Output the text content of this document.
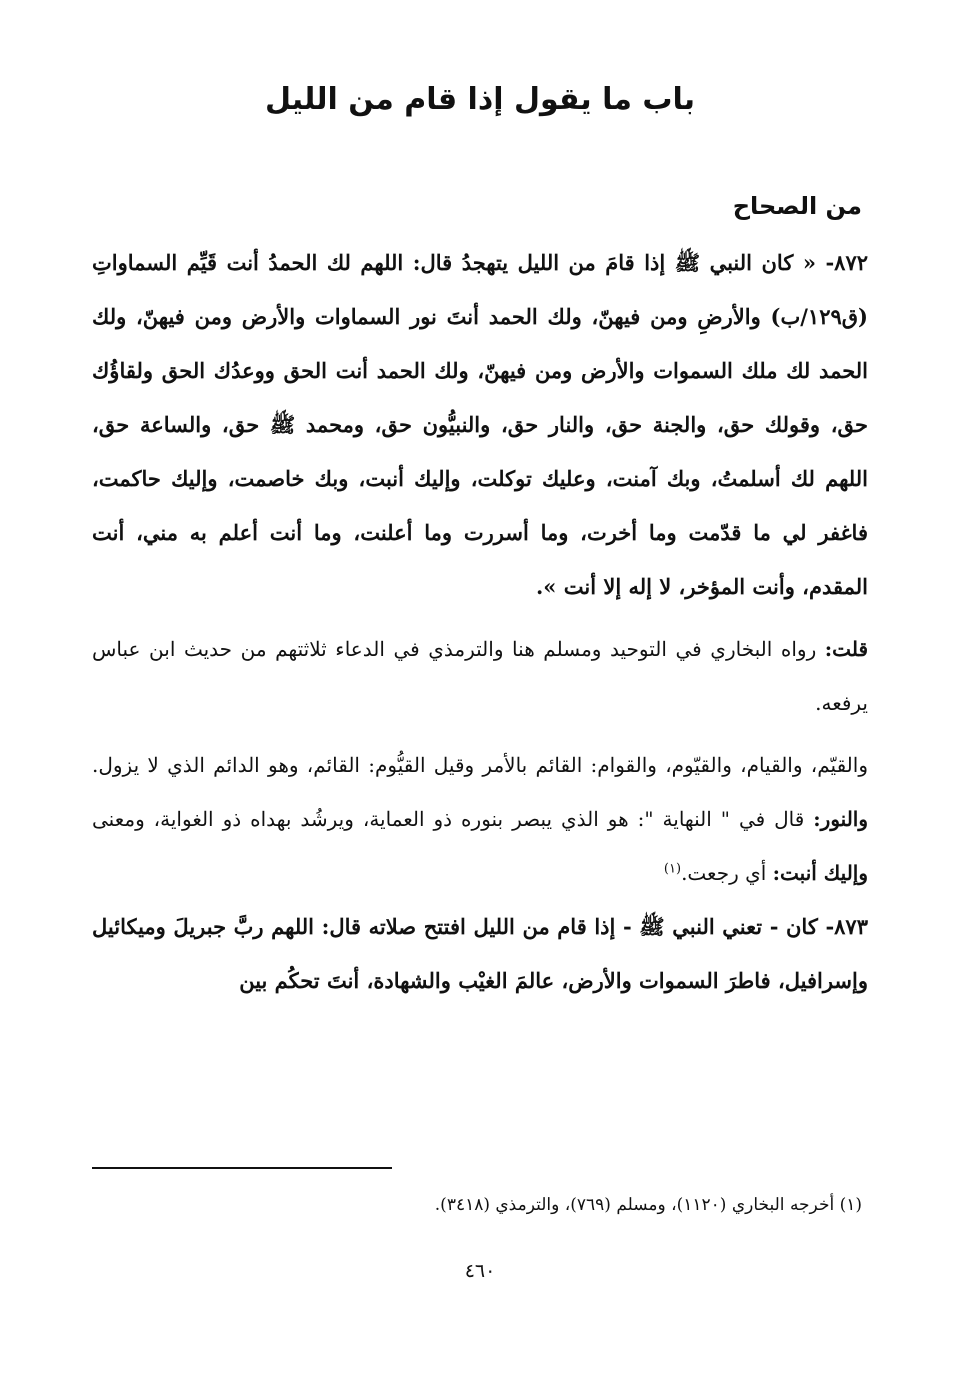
باب ما يقول إذا قام من الليل
من الصحاح

٨٧٢- « كان النبي ﷺ إذا قامَ من الليل يتهجدُ قال: اللهم لك الحمدُ أنت قَيِّم السماواتِ (ق١٢٩/ب) والأرضِ ومن فيهنّ، ولك الحمد أنتَ نور السماوات والأرض ومن فيهنّ، ولك الحمد لك ملك السموات والأرض ومن فيهنّ، ولك الحمد أنت الحق ووعدُك الحق ولقاؤُك حق، وقولك حق، والجنة حق، والنار حق، والنبيُّون حق، ومحمد ﷺ حق، والساعة حق، اللهم لك أسلمتُ، وبك آمنت، وعليك توكلت، وإليك أنبت، وبك خاصمت، وإليك حاكمت، فاغفر لي ما قدّمت وما أخرت، وما أسررت وما أعلنت، وما أنت أعلم به مني، أنت المقدم، وأنت المؤخر، لا إله إلا أنت ».

قلت: رواه البخاري في التوحيد ومسلم هنا والترمذي في الدعاء ثلاثتهم من حديث ابن عباس يرفعه.

والقيّم، والقيام، والقيّوم، والقوام: القائم بالأمر وقيل القيُّوم: القائم، وهو الدائم الذي لا يزول. والنور: قال في " النهاية ": هو الذي يبصر بنوره ذو العماية، ويرشُد بهداه ذو الغواية، ومعنى وإليك أنبت: أي رجعت.$^{(١)}$

٨٧٣- كان - تعني النبي ﷺ - إذا قام من الليل افتتح صلاته قال: اللهم ربَّ جبريلَ وميكائيل وإسرافيل، فاطرَ السموات والأرض، عالمَ الغيْب والشهادة، أنتَ تحكُم بين

(١) أخرجه البخاري (١١٢٠)، ومسلم (٧٦٩)، والترمذي (٣٤١٨).
٤٦٠
